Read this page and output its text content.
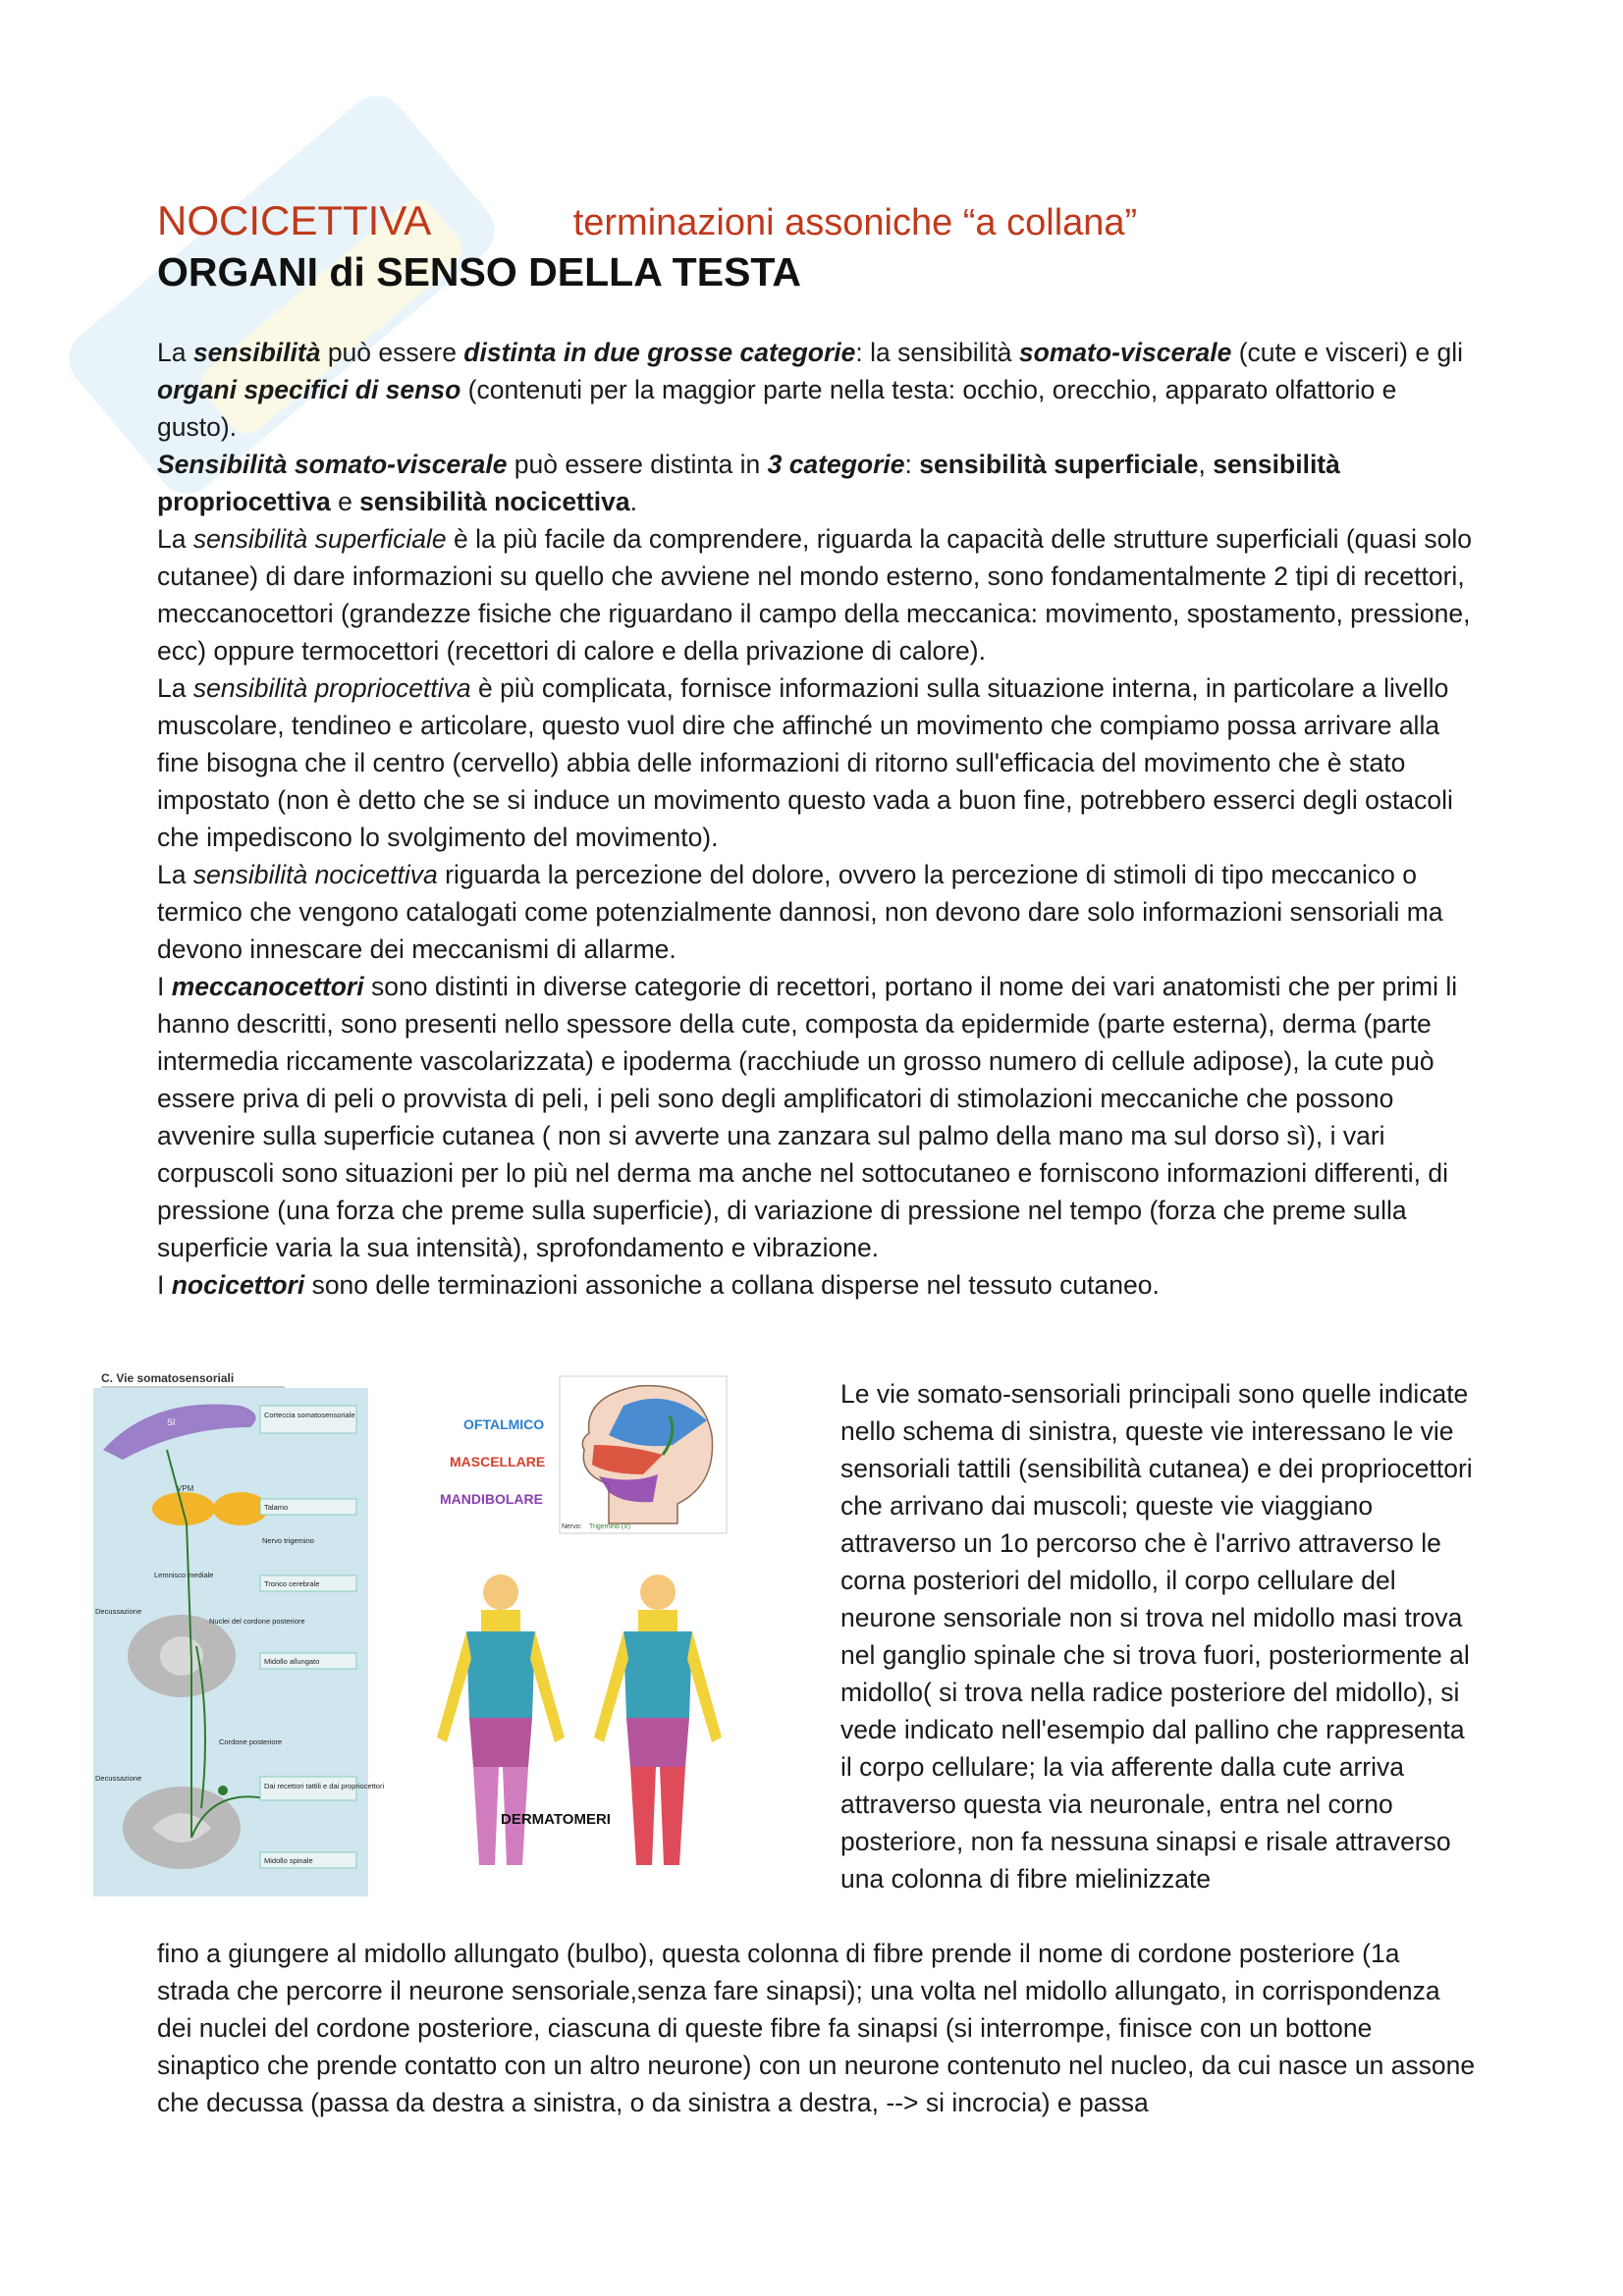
NOCICETTIVA	terminazioni assoniche “a collana”
ORGANI di SENSO DELLA TESTA

La sensibilità può essere distinta in due grosse categorie: la sensibilità somato-viscerale (cute e visceri) e gli organi specifici di senso (contenuti per la maggior parte nella testa: occhio, orecchio, apparato olfattorio e gusto).

Sensibilità somato-viscerale può essere distinta in 3 categorie: sensibilità superficiale, sensibilità propriocettiva e sensibilità nocicettiva.

La sensibilità superficiale è la più facile da comprendere, riguarda la capacità delle strutture superficiali (quasi solo cutanee) di dare informazioni su quello che avviene nel mondo esterno, sono fondamentalmente 2 tipi di recettori, meccanocettori (grandezze fisiche che riguardano il campo della meccanica: movimento, spostamento, pressione, ecc) oppure termocettori (recettori di calore e della privazione di calore).

La sensibilità propriocettiva è più complicata, fornisce informazioni sulla situazione interna, in particolare a livello muscolare, tendineo e articolare, questo vuol dire che affinché un movimento che compiamo possa arrivare alla fine bisogna che il centro (cervello) abbia delle informazioni di ritorno sull'efficacia del movimento che è stato impostato (non è detto che se si induce un movimento questo vada a buon fine, potrebbero esserci degli ostacoli che impediscono lo svolgimento del movimento).

La sensibilità nocicettiva riguarda la percezione del dolore, ovvero la percezione di stimoli di tipo meccanico o termico che vengono catalogati come potenzialmente dannosi, non devono dare solo informazioni sensoriali ma devono innescare dei meccanismi di allarme.

I meccanocettori sono distinti in diverse categorie di recettori, portano il nome dei vari anatomisti che per primi li hanno descritti, sono presenti nello spessore della cute, composta da epidermide (parte esterna), derma (parte intermedia riccamente vascolarizzata) e ipoderma (racchiude un grosso numero di cellule adipose), la cute può essere priva di peli o provvista di peli, i peli sono degli amplificatori di stimolazioni meccaniche che possono avvenire sulla superficie cutanea ( non si avverte una zanzara sul palmo della mano ma sul dorso sì), i vari corpuscoli sono situazioni per lo più nel derma ma anche nel sottocutaneo e forniscono informazioni differenti, di pressione (una forza che preme sulla superficie), di variazione di pressione nel tempo (forza che preme sulla superficie varia la sua intensità), sprofondamento e vibrazione.

I nocicettori sono delle terminazioni assoniche a collana disperse nel tessuto cutaneo.

C. Vie somatosensoriali
SI
VPM
Corteccia somatosensoriale
Talamo
Nervo trigemino
Lemnisco mediale
Tronco cerebrale
Nuclei del cordone posteriore
Midollo allungato
Cordone posteriore
Dai recettori tattili e dai propriocettori
Midollo spinale
Decussazione
Decussazione
OFTALMICO
MASCELLARE
MANDIBOLARE
Nervo: Trigemino (V)
DERMATOMERI
Le vie somato-sensoriali principali sono quelle indicate nello schema di sinistra, queste vie interessano le vie sensoriali tattili (sensibilità cutanea) e dei propriocettori che arrivano dai muscoli; queste vie viaggiano attraverso un 1o percorso che è l'arrivo attraverso le corna posteriori del midollo, il corpo cellulare del neurone sensoriale non si trova nel midollo masi trova nel ganglio spinale che si trova fuori, posteriormente al midollo( si trova nella radice posteriore del midollo), si vede indicato nell'esempio dal pallino che rappresenta il corpo cellulare; la via afferente dalla cute arriva attraverso questa via neuronale, entra nel corno posteriore, non fa nessuna sinapsi e risale attraverso una colonna di fibre mielinizzate
fino a giungere al midollo allungato (bulbo), questa colonna di fibre prende il nome di cordone posteriore (1a strada che percorre il neurone sensoriale,senza fare sinapsi); una volta nel midollo allungato, in corrispondenza dei nuclei del cordone posteriore, ciascuna di queste fibre fa sinapsi (si interrompe, finisce con un bottone sinaptico che prende contatto con un altro neurone) con un neurone contenuto nel nucleo, da cui nasce un assone che decussa (passa da destra a sinistra, o da sinistra a destra, --> si incrocia) e passa
